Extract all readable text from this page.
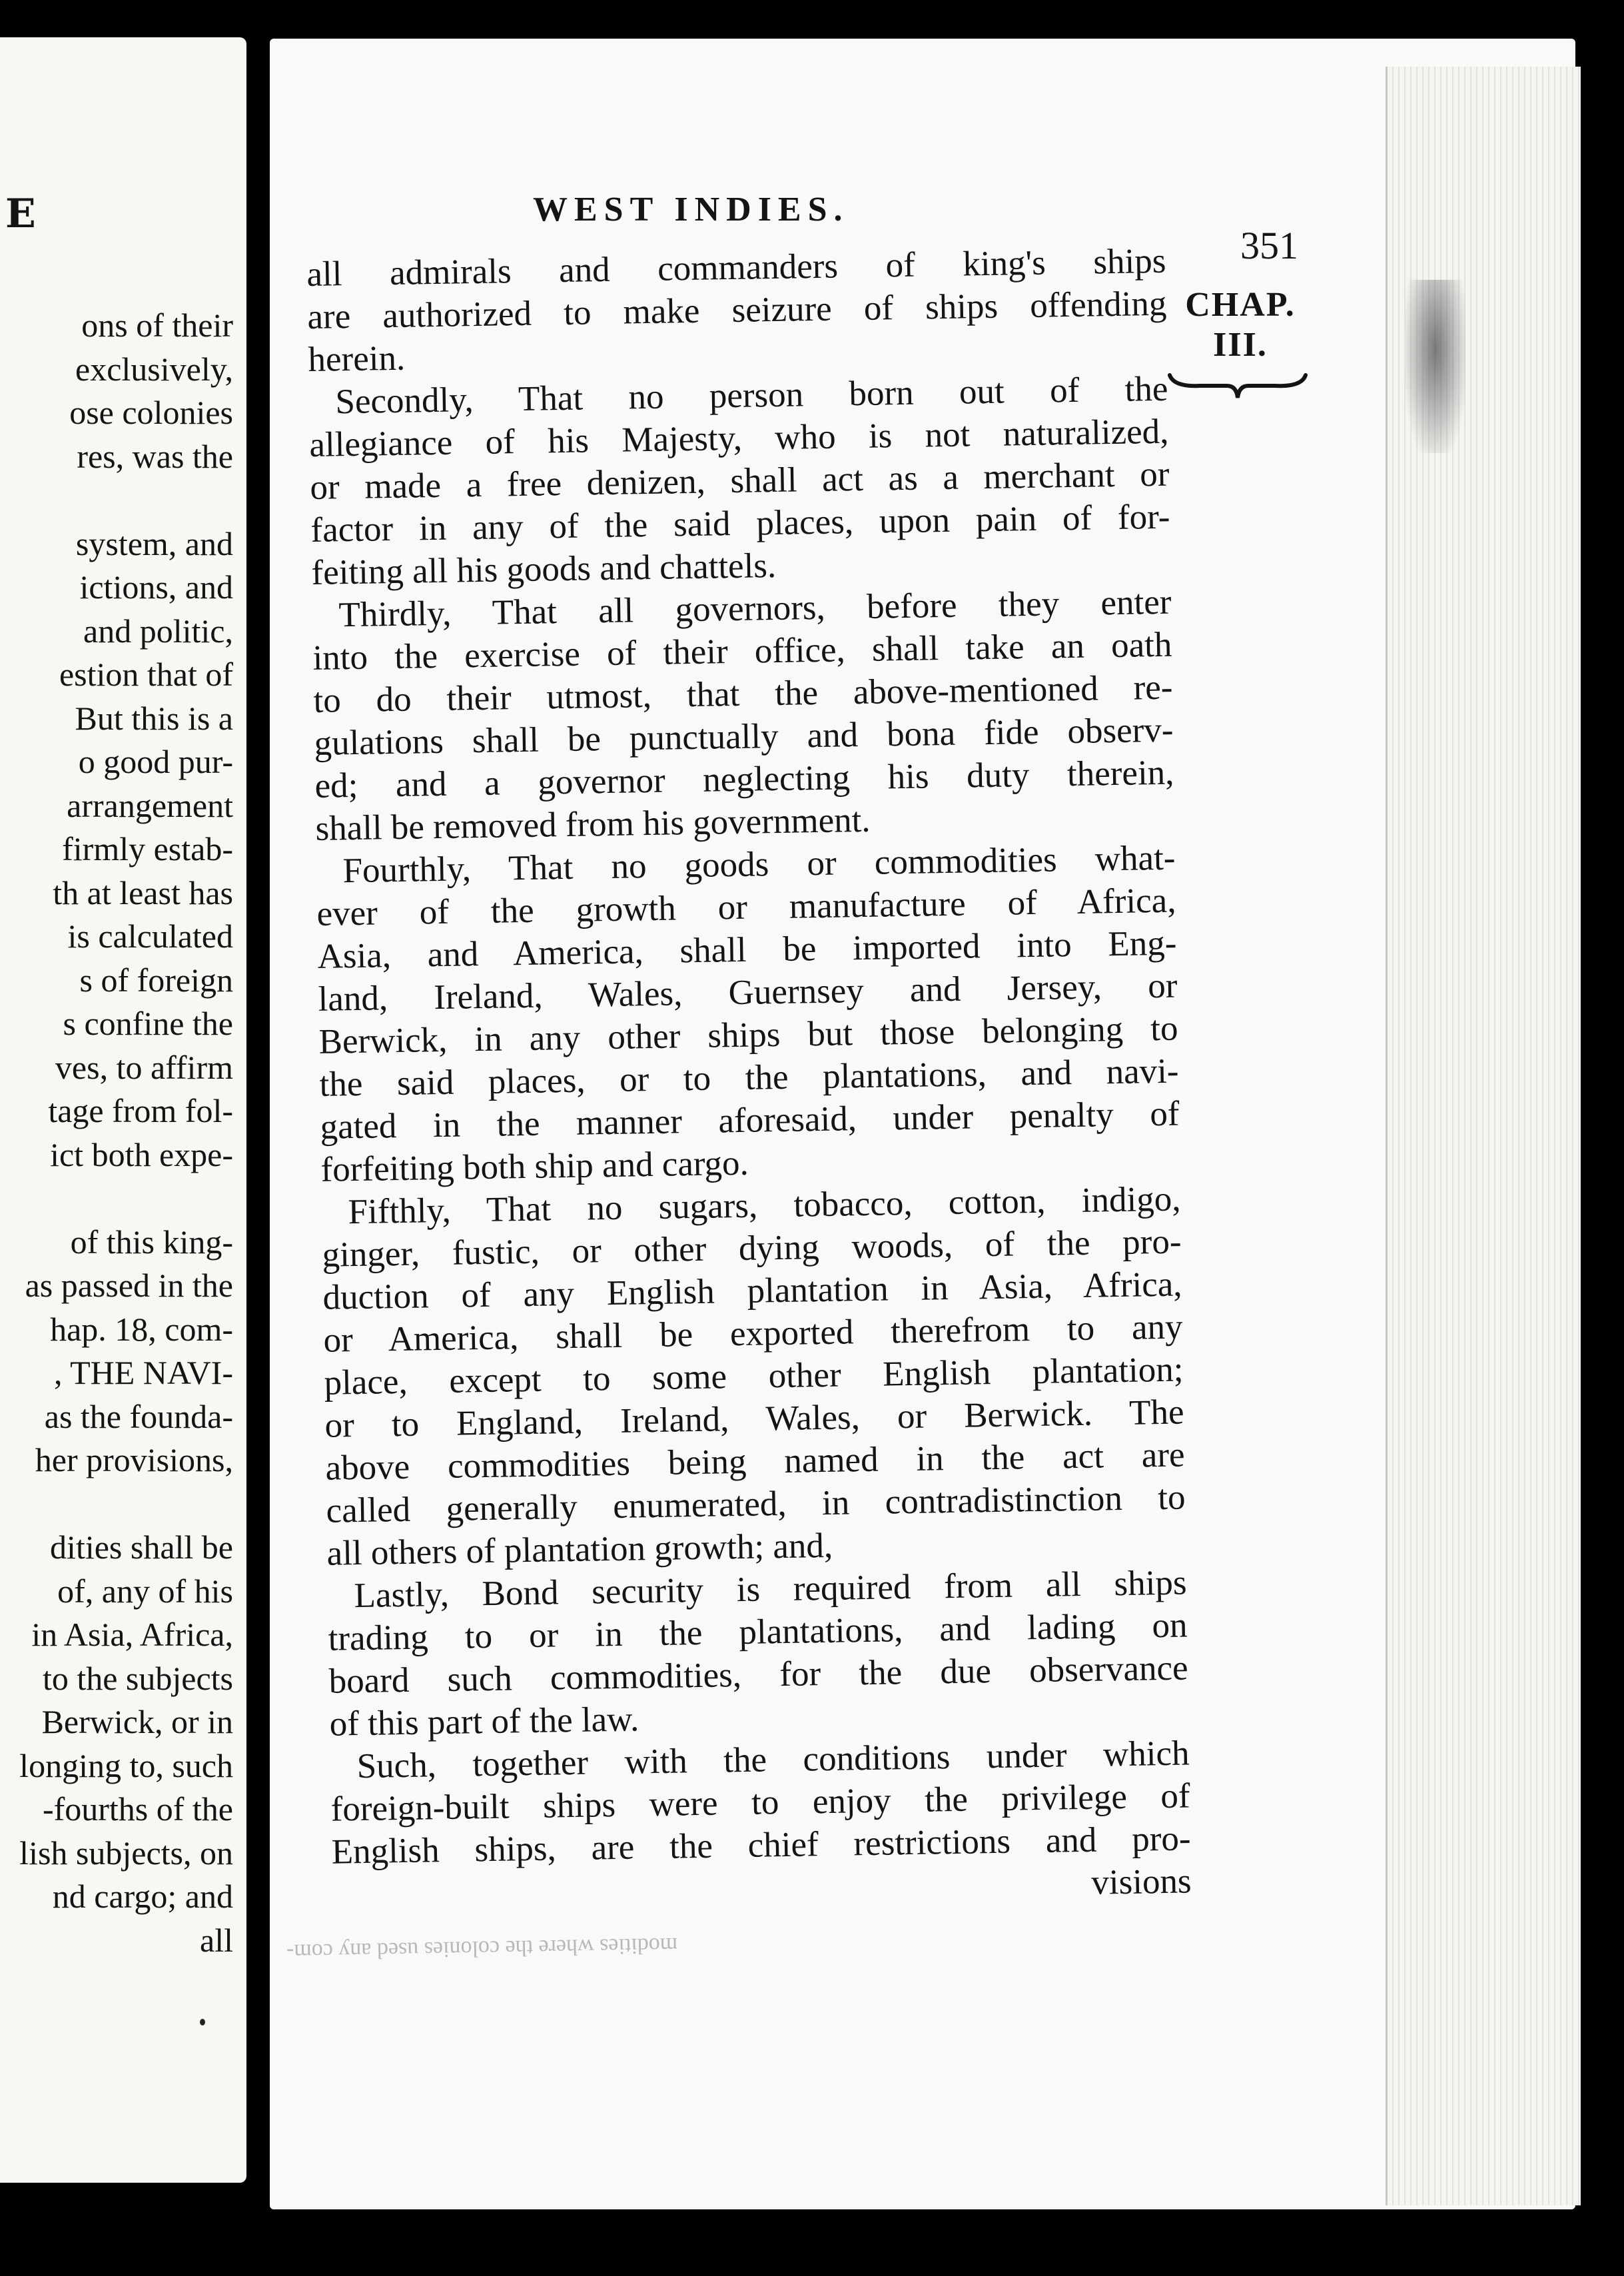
E
ons of their
exclusively,
ose colonies
res, was the
system, and
ictions, and
and politic,
estion that of
But this is a
o good pur-
arrangement
firmly estab-
th at least has
is calculated
s of foreign
s confine the
ves, to affirm
tage from fol-
ict both expe-
of this king-
as passed in the
hap. 18, com-
, THE NAVI-
as the founda-
her provisions,
dities shall be
of, any of his
in Asia, Africa,
to the subjects
Berwick, or in
longing to, such
-fourths of the
lish subjects, on
nd cargo; and
all
WEST INDIES.
351
CHAP.
III.
all admirals and commanders of king's ships
are authorized to make seizure of ships offending
herein.
Secondly, That no person born out of the
allegiance of his Majesty, who is not naturalized,
or made a free denizen, shall act as a merchant or
factor in any of the said places, upon pain of for-
feiting all his goods and chattels.
Thirdly, That all governors, before they enter
into the exercise of their office, shall take an oath
to do their utmost, that the above-mentioned re-
gulations shall be punctually and bona fide observ-
ed; and a governor neglecting his duty therein,
shall be removed from his government.
Fourthly, That no goods or commodities what-
ever of the growth or manufacture of Africa,
Asia, and America, shall be imported into Eng-
land, Ireland, Wales, Guernsey and Jersey, or
Berwick, in any other ships but those belonging to
the said places, or to the plantations, and navi-
gated in the manner aforesaid, under penalty of
forfeiting both ship and cargo.
Fifthly, That no sugars, tobacco, cotton, indigo,
ginger, fustic, or other dying woods, of the pro-
duction of any English plantation in Asia, Africa,
or America, shall be exported therefrom to any
place, except to some other English plantation;
or to England, Ireland, Wales, or Berwick. The
above commodities being named in the act are
called generally enumerated, in contradistinction to
all others of plantation growth; and,
Lastly, Bond security is required from all ships
trading to or in the plantations, and lading on
board such commodities, for the due observance
of this part of the law.
Such, together with the conditions under which
foreign-built ships were to enjoy the privilege of
English ships, are the chief restrictions and pro-
visions
modities where the colonies used any com-
